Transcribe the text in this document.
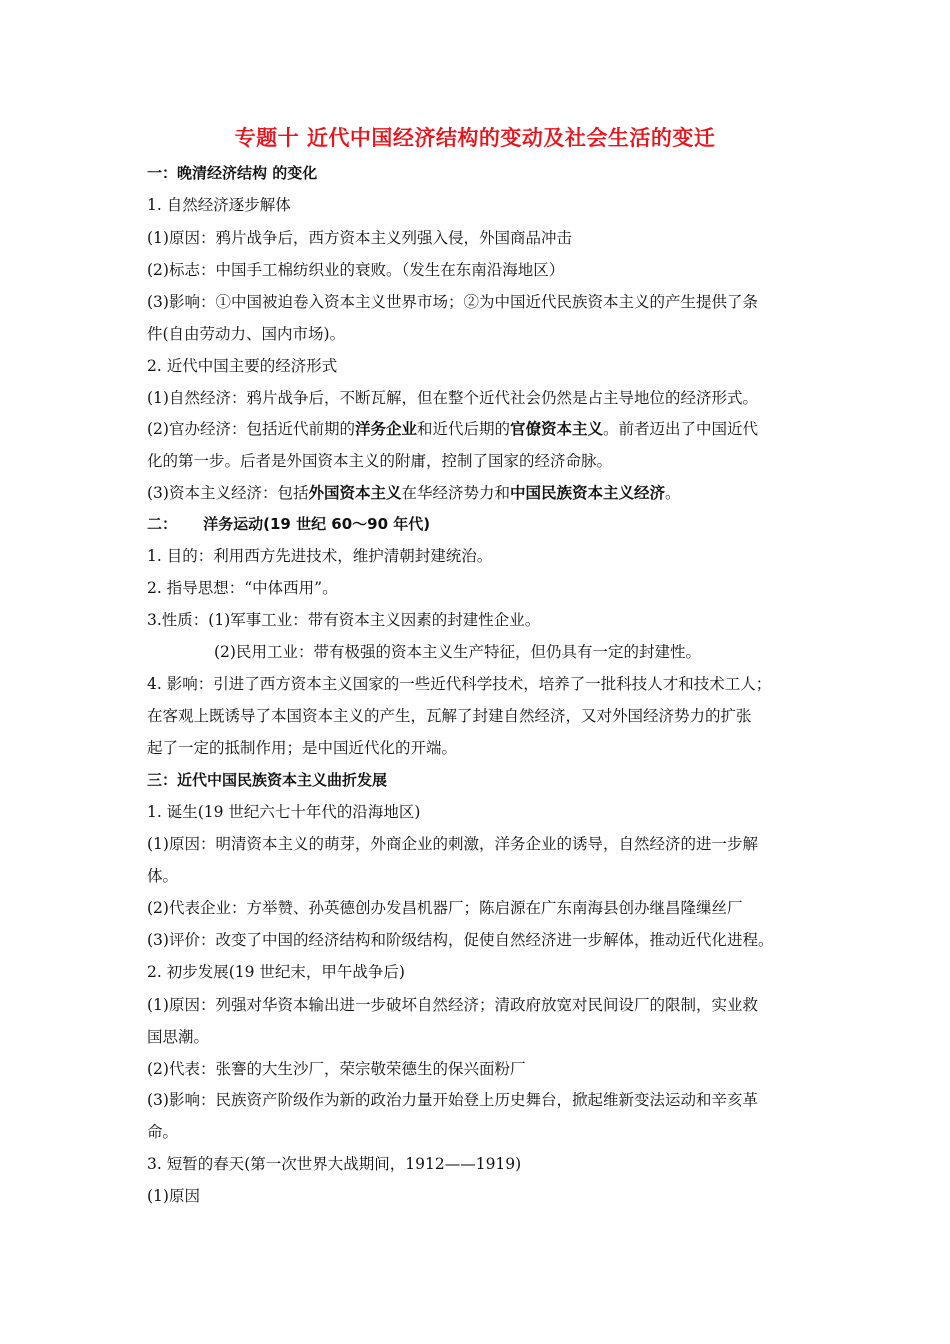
专题十 近代中国经济结构的变动及社会生活的变迁
一：晚清经济结构 的变化
1. 自然经济逐步解体
(1)原因：鸦片战争后，西方资本主义列强入侵，外国商品冲击
(2)标志：中国手工棉纺织业的衰败。（发生在东南沿海地区）
(3)影响：①中国被迫卷入资本主义世界市场；②为中国近代民族资本主义的产生提供了条
件(自由劳动力、国内市场)。
2. 近代中国主要的经济形式
(1)自然经济：鸦片战争后，不断瓦解，但在整个近代社会仍然是占主导地位的经济形式。
(2)官办经济：包括近代前期的洋务企业和近代后期的官僚资本主义。前者迈出了中国近代
化的第一步。后者是外国资本主义的附庸，控制了国家的经济命脉。
(3)资本主义经济：包括外国资本主义在华经济势力和中国民族资本主义经济。
二：     洋务运动(19 世纪 60～90 年代)
1. 目的：利用西方先进技术，维护清朝封建统治。
2. 指导思想：“中体西用”。
3.性质：(1)军事工业：带有资本主义因素的封建性企业。
(2)民用工业：带有极强的资本主义生产特征，但仍具有一定的封建性。
4. 影响：引进了西方资本主义国家的一些近代科学技术，培养了一批科技人才和技术工人；
在客观上既诱导了本国资本主义的产生，瓦解了封建自然经济，又对外国经济势力的扩张
起了一定的抵制作用；是中国近代化的开端。
三：近代中国民族资本主义曲折发展
1. 诞生(19 世纪六七十年代的沿海地区)
(1)原因：明清资本主义的萌芽，外商企业的刺激，洋务企业的诱导，自然经济的进一步解
体。
(2)代表企业：方举赞、孙英德创办发昌机器厂；陈启源在广东南海县创办继昌隆缫丝厂
(3)评价：改变了中国的经济结构和阶级结构，促使自然经济进一步解体，推动近代化进程。
2. 初步发展(19 世纪末，甲午战争后)
(1)原因：列强对华资本输出进一步破坏自然经济；清政府放宽对民间设厂的限制，实业救
国思潮。
(2)代表：张謇的大生沙厂，荣宗敬荣德生的保兴面粉厂
(3)影响：民族资产阶级作为新的政治力量开始登上历史舞台，掀起维新变法运动和辛亥革
命。
3. 短暂的春天(第一次世界大战期间，1912——1919)
(1)原因
